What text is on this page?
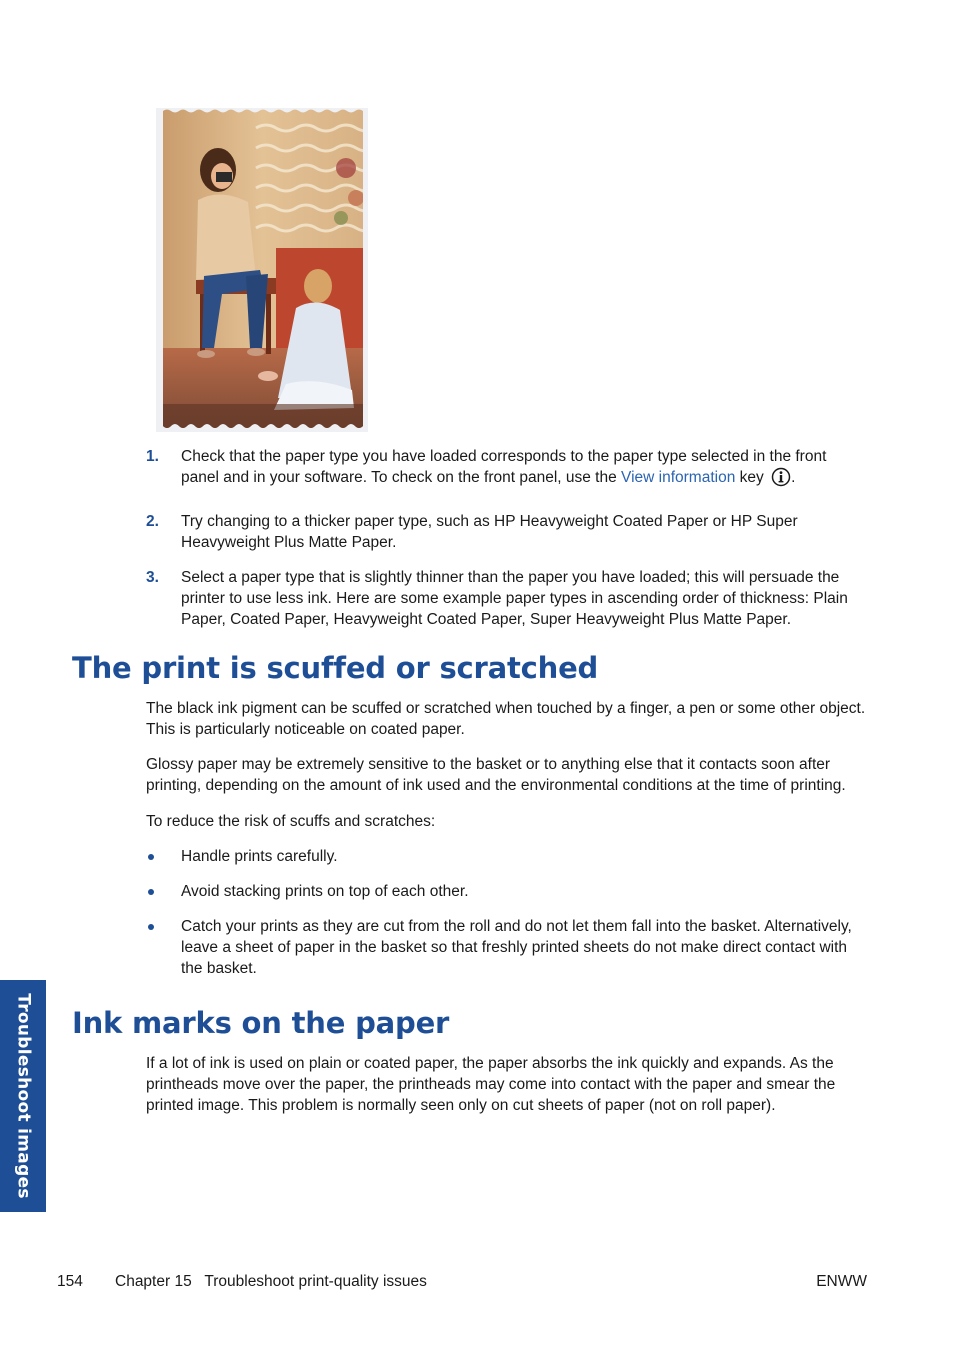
1. Check that the paper type you have loaded corresponds to the paper type selected in the front panel and in your software. To check on the front panel, use the View information key .
2. Try changing to a thicker paper type, such as HP Heavyweight Coated Paper or HP Super Heavyweight Plus Matte Paper.
3. Select a paper type that is slightly thinner than the paper you have loaded; this will persuade the printer to use less ink. Here are some example paper types in ascending order of thickness: Plain Paper, Coated Paper, Heavyweight Coated Paper, Super Heavyweight Plus Matte Paper.
The print is scuffed or scratched

The black ink pigment can be scuffed or scratched when touched by a finger, a pen or some other object. This is particularly noticeable on coated paper.

Glossy paper may be extremely sensitive to the basket or to anything else that it contacts soon after printing, depending on the amount of ink used and the environmental conditions at the time of printing.

To reduce the risk of scuffs and scratches:

Handle prints carefully.
Avoid stacking prints on top of each other.
Catch your prints as they are cut from the roll and do not let them fall into the basket. Alternatively, leave a sheet of paper in the basket so that freshly printed sheets do not make direct contact with the basket.
Ink marks on the paper

If a lot of ink is used on plain or coated paper, the paper absorbs the ink quickly and expands. As the printheads move over the paper, the printheads may come into contact with the paper and smear the printed image. This problem is normally seen only on cut sheets of paper (not on roll paper).

Troubleshoot images
154 Chapter 15   Troubleshoot print-quality issues	ENWW
